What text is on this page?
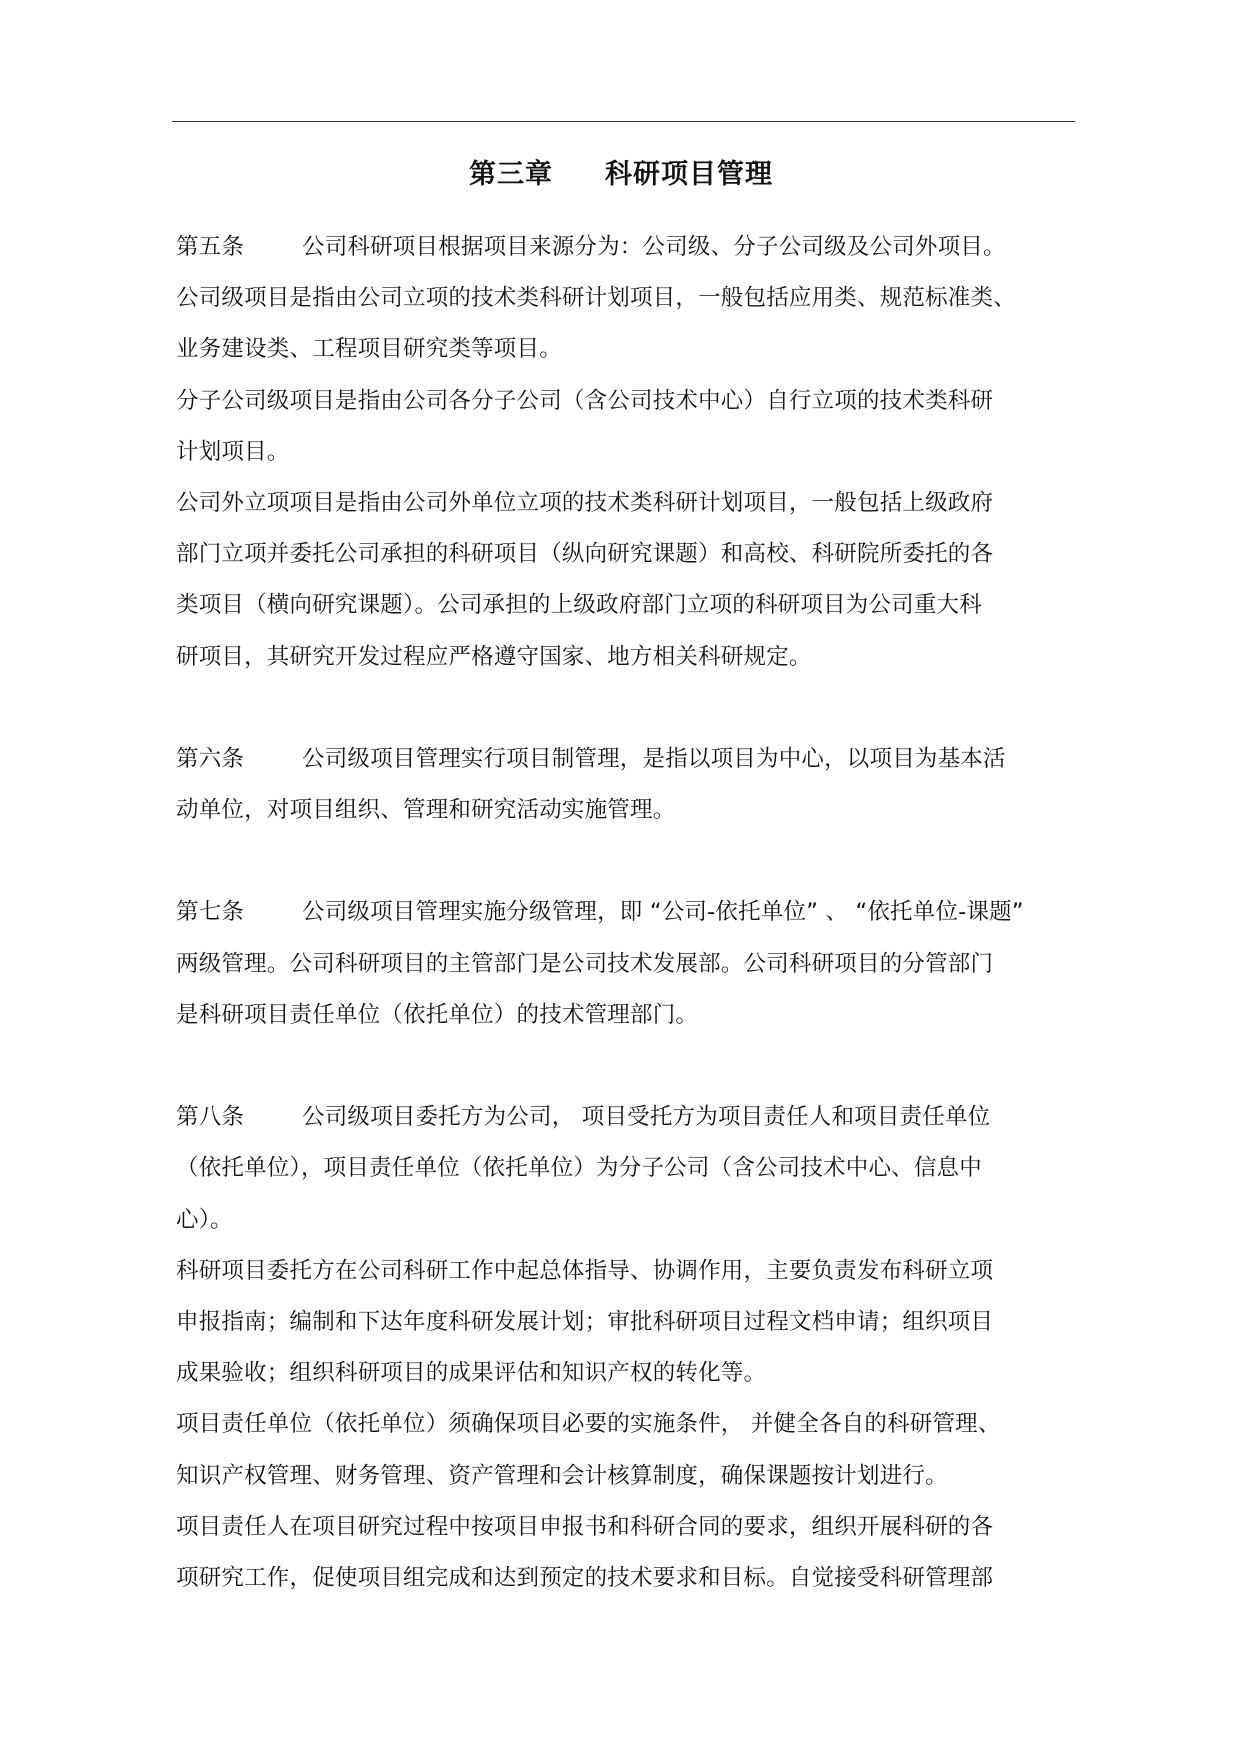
第三章 科研项目管理
第五条	公司科研项目根据项目来源分为：公司级、分子公司级及公司外项目。
公司级项目是指由公司立项的技术类科研计划项目，一般包括应用类、规范标准类、
业务建设类、工程项目研究类等项目。
分子公司级项目是指由公司各分子公司（含公司技术中心）自行立项的技术类科研
计划项目。
公司外立项项目是指由公司外单位立项的技术类科研计划项目，一般包括上级政府
部门立项并委托公司承担的科研项目（纵向研究课题）和高校、科研院所委托的各
类项目（横向研究课题）。公司承担的上级政府部门立项的科研项目为公司重大科
研项目，其研究开发过程应严格遵守国家、地方相关科研规定。
第六条	公司级项目管理实行项目制管理，是指以项目为中心，以项目为基本活
动单位，对项目组织、管理和研究活动实施管理。
第七条	公司级项目管理实施分级管理，即 “公司-依托单位” 、 “依托单位-课题”
两级管理。公司科研项目的主管部门是公司技术发展部。公司科研项目的分管部门
是科研项目责任单位（依托单位）的技术管理部门。
第八条	公司级项目委托方为公司， 项目受托方为项目责任人和项目责任单位
（依托单位），项目责任单位（依托单位）为分子公司（含公司技术中心、信息中
心）。
科研项目委托方在公司科研工作中起总体指导、协调作用，主要负责发布科研立项
申报指南；编制和下达年度科研发展计划；审批科研项目过程文档申请；组织项目
成果验收；组织科研项目的成果评估和知识产权的转化等。
项目责任单位（依托单位）须确保项目必要的实施条件， 并健全各自的科研管理、
知识产权管理、财务管理、资产管理和会计核算制度，确保课题按计划进行。
项目责任人在项目研究过程中按项目申报书和科研合同的要求，组织开展科研的各
项研究工作，促使项目组完成和达到预定的技术要求和目标。自觉接受科研管理部
